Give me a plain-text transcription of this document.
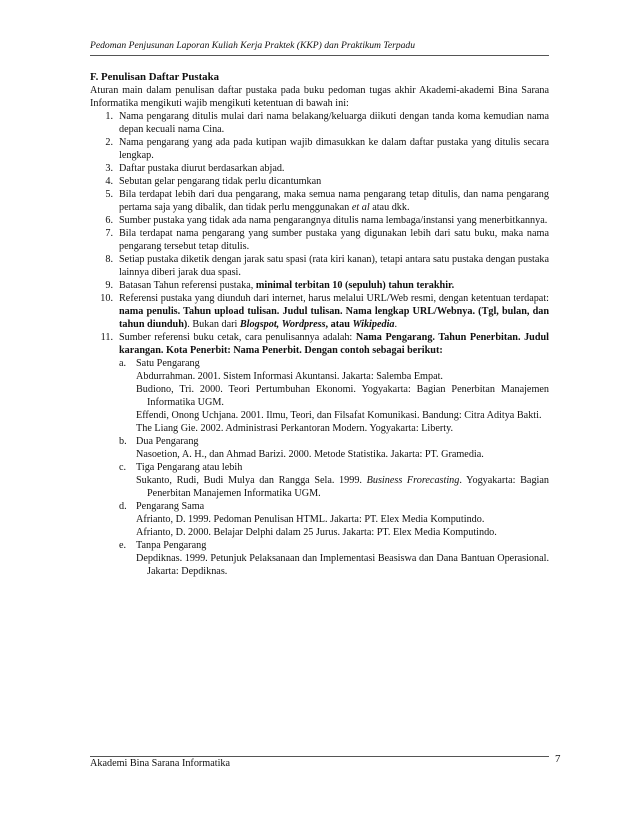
Pedoman Penjusunan Laporan Kuliah Kerja Praktek (KKP) dan Praktikum Terpadu

F. Penulisan Daftar Pustaka

Aturan main dalam penulisan daftar pustaka pada buku pedoman tugas akhir Akademi-akademi Bina Sarana Informatika mengikuti wajib mengikuti ketentuan di bawah ini:

1. Nama pengarang ditulis mulai dari nama belakang/keluarga diikuti dengan tanda koma kemudian nama depan kecuali nama Cina.
2. Nama pengarang yang ada pada kutipan wajib dimasukkan ke dalam daftar pustaka yang ditulis secara lengkap.
3. Daftar pustaka diurut berdasarkan abjad.
4. Sebutan gelar pengarang tidak perlu dicantumkan
5. Bila terdapat lebih dari dua pengarang, maka semua nama pengarang tetap ditulis, dan nama pengarang pertama saja yang dibalik, dan tidak perlu menggunakan et al atau dkk.
6. Sumber pustaka yang tidak ada nama pengarangnya ditulis nama lembaga/instansi yang menerbitkannya.
7. Bila terdapat nama pengarang yang sumber pustaka yang digunakan lebih dari satu buku, maka nama pengarang tersebut tetap ditulis.
8. Setiap pustaka diketik dengan jarak satu spasi (rata kiri kanan), tetapi antara satu pustaka dengan pustaka lainnya diberi jarak dua spasi.
9. Batasan Tahun referensi pustaka, minimal terbitan 10 (sepuluh) tahun terakhir.
10. Referensi pustaka yang diunduh dari internet, harus melalui URL/Web resmi, dengan ketentuan terdapat: nama penulis. Tahun upload tulisan. Judul tulisan. Nama lengkap URL/Webnya. (Tgl, bulan, dan tahun diunduh). Bukan dari Blogspot, Wordpress, atau Wikipedia.
11. Sumber referensi buku cetak, cara penulisannya adalah: Nama Pengarang. Tahun Penerbitan. Judul karangan. Kota Penerbit: Nama Penerbit. Dengan contoh sebagai berikut:
a. Satu Pengarang

Abdurrahman. 2001. Sistem Informasi Akuntansi. Jakarta: Salemba Empat.

Budiono, Tri. 2000. Teori Pertumbuhan Ekonomi. Yogyakarta: Bagian Penerbitan Manajemen Informatika UGM.

Effendi, Onong Uchjana. 2001. Ilmu, Teori, dan Filsafat Komunikasi. Bandung: Citra Aditya Bakti.

The Liang Gie. 2002. Administrasi Perkantoran Modern. Yogyakarta: Liberty.

b. Dua Pengarang

Nasoetion, A. H., dan Ahmad Barizi. 2000. Metode Statistika. Jakarta: PT. Gramedia.

c. Tiga Pengarang atau lebih

Sukanto, Rudi, Budi Mulya dan Rangga Sela. 1999. Business Frorecasting. Yogyakarta: Bagian Penerbitan Manajemen Informatika UGM.

d. Pengarang Sama

Afrianto, D. 1999. Pedoman Penulisan HTML. Jakarta: PT. Elex Media Komputindo.

Afrianto, D. 2000. Belajar Delphi dalam 25 Jurus. Jakarta: PT. Elex Media Komputindo.

e. Tanpa Pengarang

Depdiknas. 1999. Petunjuk Pelaksanaan dan Implementasi Beasiswa dan Dana Bantuan Operasional. Jakarta: Depdiknas.

Akademi Bina Sarana Informatika	7
